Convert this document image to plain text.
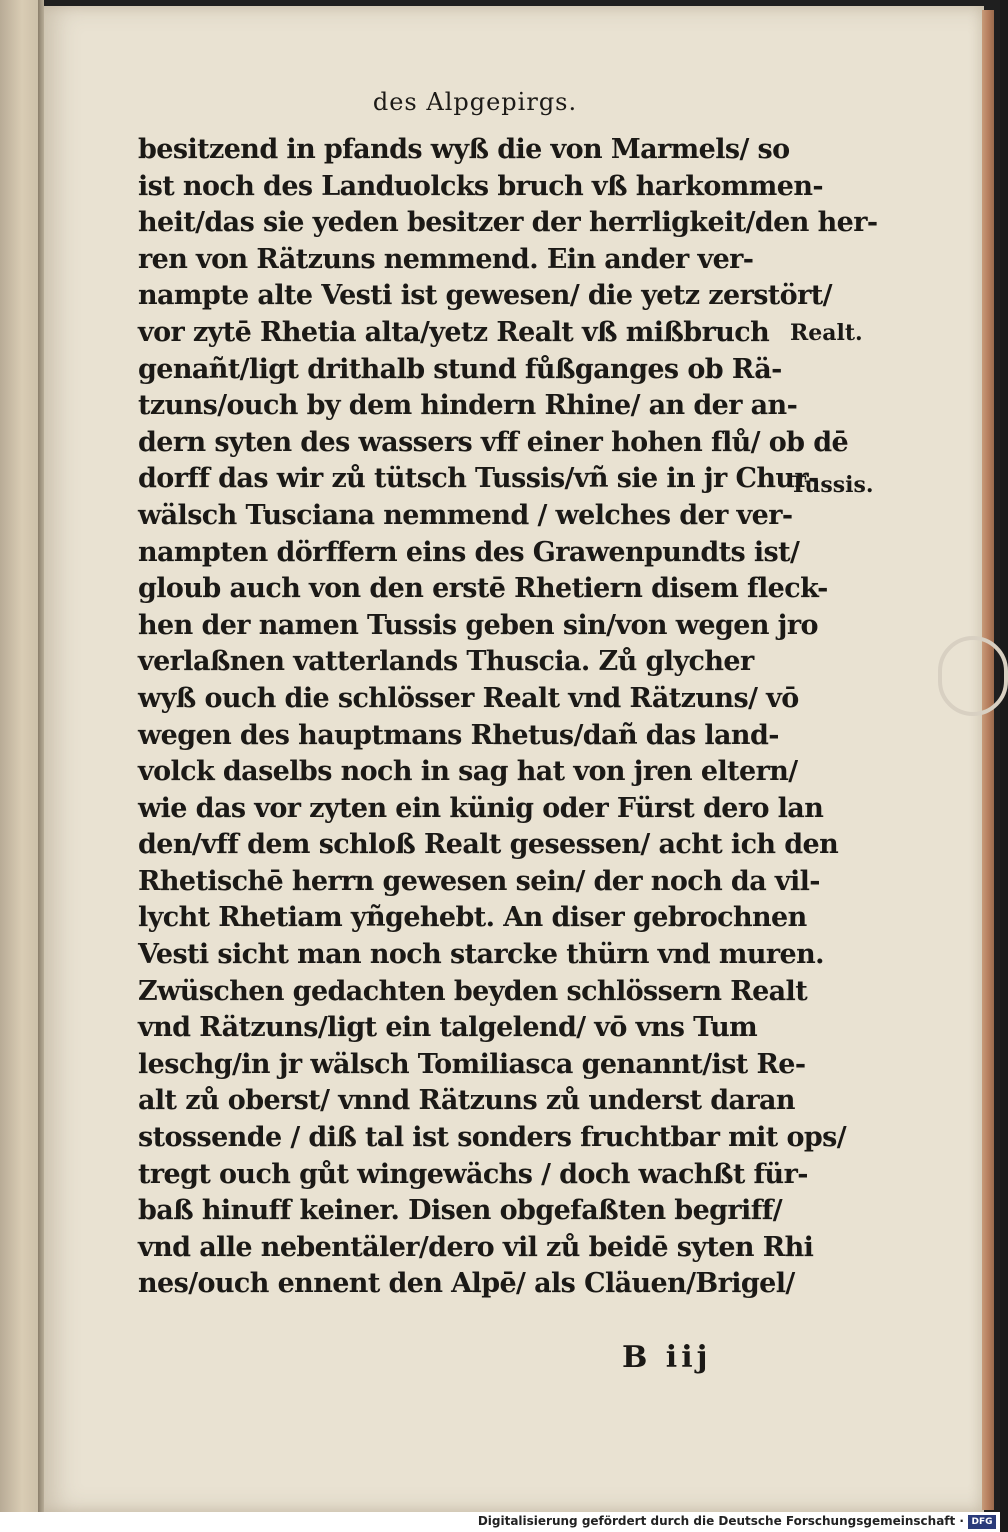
des Alpgepirgs.
besitzend in pfands wyß die von Marmels/ so
ist noch des Landuolcks bruch vß harkommen-
heit/das sie yeden besitzer der herrligkeit/den her-
ren von Rätzuns nemmend. Ein ander ver-
nampte alte Vesti ist gewesen/ die yetz zerstört/
vor zytē Rhetia alta/yetz Realt vß mißbruch
genañt/ligt drithalb stund fůßganges ob Rä-
tzuns/ouch by dem hindern Rhine/ an der an-
dern syten des wassers vff einer hohen flů/ ob dē
dorff das wir zů tütsch Tussis/vñ sie in jr Chur-
wälsch Tusciana nemmend / welches der ver-
nampten dörffern eins des Grawenpundts ist/
gloub auch von den erstē Rhetiern disem fleck-
hen der namen Tussis geben sin/von wegen jro
verlaßnen vatterlands Thuscia. Zů glycher
wyß ouch die schlösser Realt vnd Rätzuns/ vō
wegen des hauptmans Rhetus/dañ das land-
volck daselbs noch in sag hat von jren eltern/
wie das vor zyten ein künig oder Fürst dero lan
den/vff dem schloß Realt gesessen/ acht ich den
Rhetischē herrn gewesen sein/ der noch da vil-
lycht Rhetiam yñgehebt. An diser gebrochnen
Vesti sicht man noch starcke thürn vnd muren.
Zwüschen gedachten beyden schlössern Realt
vnd Rätzuns/ligt ein talgelend/ vō vns Tum
leschg/in jr wälsch Tomiliasca genannt/ist Re-
alt zů oberst/ vnnd Rätzuns zů underst daran
stossende / diß tal ist sonders fruchtbar mit ops/
tregt ouch gůt wingewächs / doch wachßt für-
baß hinuff keiner. Disen obgefaßten begriff/
vnd alle nebentäler/dero vil zů beidē syten Rhi
nes/ouch ennent den Alpē/ als Cläuen/Brigel/
Realt.
Tussis.
B iij
Digitalisierung gefördert durch die Deutsche Forschungsgemeinschaft · DFG
